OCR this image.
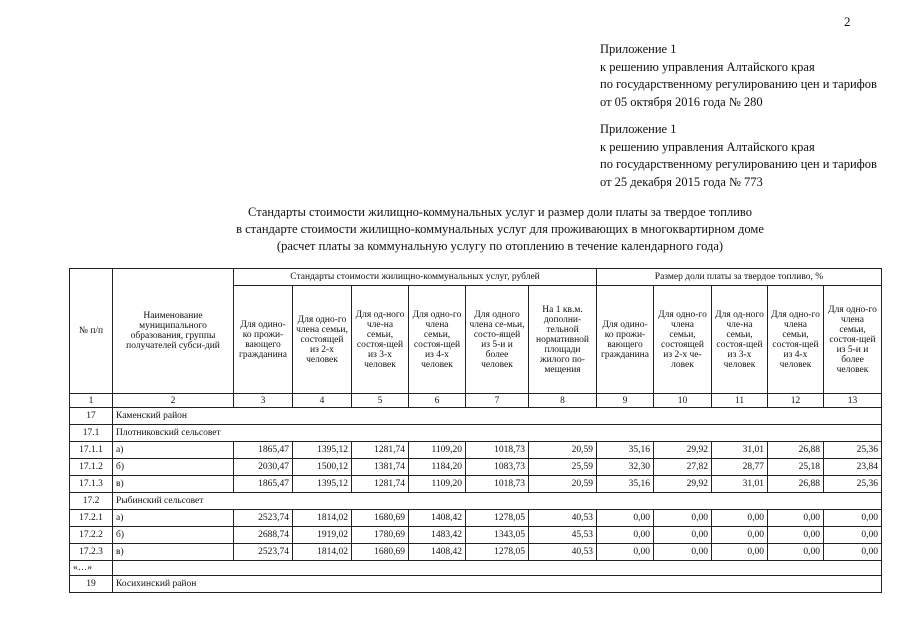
2
Приложение 1
к решению управления Алтайского края
по государственному регулированию цен и тарифов
от 05 октября 2016 года № 280
Приложение 1
к решению управления Алтайского края
по государственному регулированию цен и тарифов
от 25 декабря 2015 года № 773
Стандарты стоимости жилищно-коммунальных услуг и размер доли платы за твердое топливо
в стандарте стоимости жилищно-коммунальных услуг для проживающих в многоквартирном доме
(расчет платы за коммунальную услугу по отоплению в течение календарного года)
№ п/п	Наименование муниципального образования, группы получателей субси-дий	Стандарты стоимости жилищно-коммунальных услуг, рублей						Размер доли платы за твердое топливо, %				
		Для одино-ко прожи-вающего гражданина	Для одно-го члена семьи, состоящей из 2-х человек	Для од-ного чле-на семьи, состоя-щей из 3-х человек	Для одно-го члена семьи, состоя-щей из 4-х человек	Для одного члена се-мьи, состо-ящей из 5-и и более человек	На 1 кв.м. дополни-тельной нормативной площади жилого по-мещения	Для одино-ко прожи-вающего гражданина	Для одно-го члена семьи, состоящей из 2-х че-ловек	Для од-ного чле-на семьи, состоя-щей из 3-х человек	Для одно-го члена семьи, состоя-щей из 4-х человек	Для одно-го члена семьи, состоя-щей из 5-и и более человек
1	2	3	4	5	6	7	8	9	10	11	12	13
17	Каменский район											
17.1	Плотниковский сельсовет											
17.1.1	а)	1865,47	1395,12	1281,74	1109,20	1018,73	20,59	35,16	29,92	31,01	26,88	25,36
17.1.2	б)	2030,47	1500,12	1381,74	1184,20	1083,73	25,59	32,30	27,82	28,77	25,18	23,84
17.1.3	в)	1865,47	1395,12	1281,74	1109,20	1018,73	20,59	35,16	29,92	31,01	26,88	25,36
17.2	Рыбинский сельсовет											
17.2.1	а)	2523,74	1814,02	1680,69	1408,42	1278,05	40,53	0,00	0,00	0,00	0,00	0,00
17.2.2	б)	2688,74	1919,02	1780,69	1483,42	1343,05	45,53	0,00	0,00	0,00	0,00	0,00
17.2.3	в)	2523,74	1814,02	1680,69	1408,42	1278,05	40,53	0,00	0,00	0,00	0,00	0,00
«…»												
19	Косихинский район											
